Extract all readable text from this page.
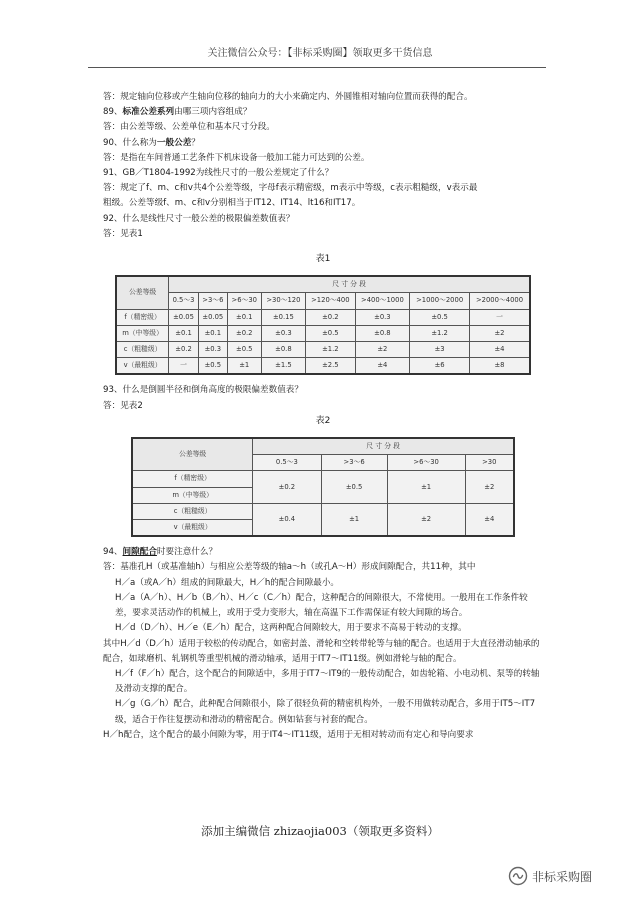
关注微信公众号：【非标采购圈】领取更多干货信息

答：规定轴向位移或产生轴向位移的轴向力的大小来确定内、外圆锥相对轴向位置而获得的配合。

89、标准公差系列由哪三项内容组成？

答：由公差等级、公差单位和基本尺寸分段。

90、什么称为一般公差？

答：是指在车间普通工艺条件下机床设备一般加工能力可达到的公差。

91、GB／T1804-1992为线性尺寸的一般公差规定了什么？

答：规定了f、m、c和v共4个公差等级，字母f表示精密级，m表示中等级，c表示粗糙级，v表示最

粗级。公差等级f、m、c和v分别相当于IT12、IT14、lt16和IT17。

92、什么是线性尺寸一般公差的极限偏差数值表？

答：见表1

表1
公差等级	尺 寸 分 段							
	0.5～3	>3～6	>6～30	>30～120	>120～400	>400～1000	>1000～2000	>2000～4000
f（精密级）	±0.05	±0.05	±0.1	±0.15	±0.2	±0.3	±0.5	一
m（中等级）	±0.1	±0.1	±0.2	±0.3	±0.5	±0.8	±1.2	±2
c（粗糙级）	±0.2	±0.3	±0.5	±0.8	±1.2	±2	±3	±4
v（最粗级）	一	±0.5	±1	±1.5	±2.5	±4	±6	±8

93、什么是倒圆半径和倒角高度的极限偏差数值表？

答：见表2

表2
公差等级	尺 寸 分 段			
	0.5～3	>3～6	>6～30	>30
f（精密级）	±0.2	±0.5	±1	±2
m（中等级）				
c（粗糙级）	±0.4	±1	±2	±4
v（最粗级）				

94、间隙配合时要注意什么？

答：基准孔H（或基准轴h）与相应公差等级的轴a～h（或孔A～H）形成间隙配合，共11种，其中

H／a（或A／h）组成的间隙最大，H／h的配合间隙最小。

H／a（A／h）、H／b（B／h）、H／c（C／h）配合，这种配合的间隙很大，不常使用。一般用在工作条件较差，要求灵活动作的机械上，或用于受力变形大，轴在高温下工作需保证有较大间隙的场合。

H／d（D／h）、H／e（E／h）配合，这两种配合间隙较大，用于要求不高易于转动的支撑。

其中H／d（D／h）适用于较松的传动配合，如密封盖、滑轮和空转带轮等与轴的配合。也适用于大直径滑动轴承的配合，如球磨机、轧钢机等重型机械的滑动轴承，适用于IT7～IT11级。例如滑轮与轴的配合。

H／f（F／h）配合，这个配合的间隙适中，多用于IT7～IT9的一般传动配合，如齿轮箱、小电动机、泵等的转轴及滑动支撑的配合。

H／g（G／h）配合，此种配合间隙很小，除了很轻负荷的精密机构外，一般不用做转动配合，多用于IT5～IT7级，适合于作往复摆动和滑动的精密配合。例如钻套与衬套的配合。

H／h配合，这个配合的最小间隙为零，用于IT4～IT11级，适用于无相对转动而有定心和导向要求

添加主编微信 zhizaojia003（领取更多资料）
非标采购圈
